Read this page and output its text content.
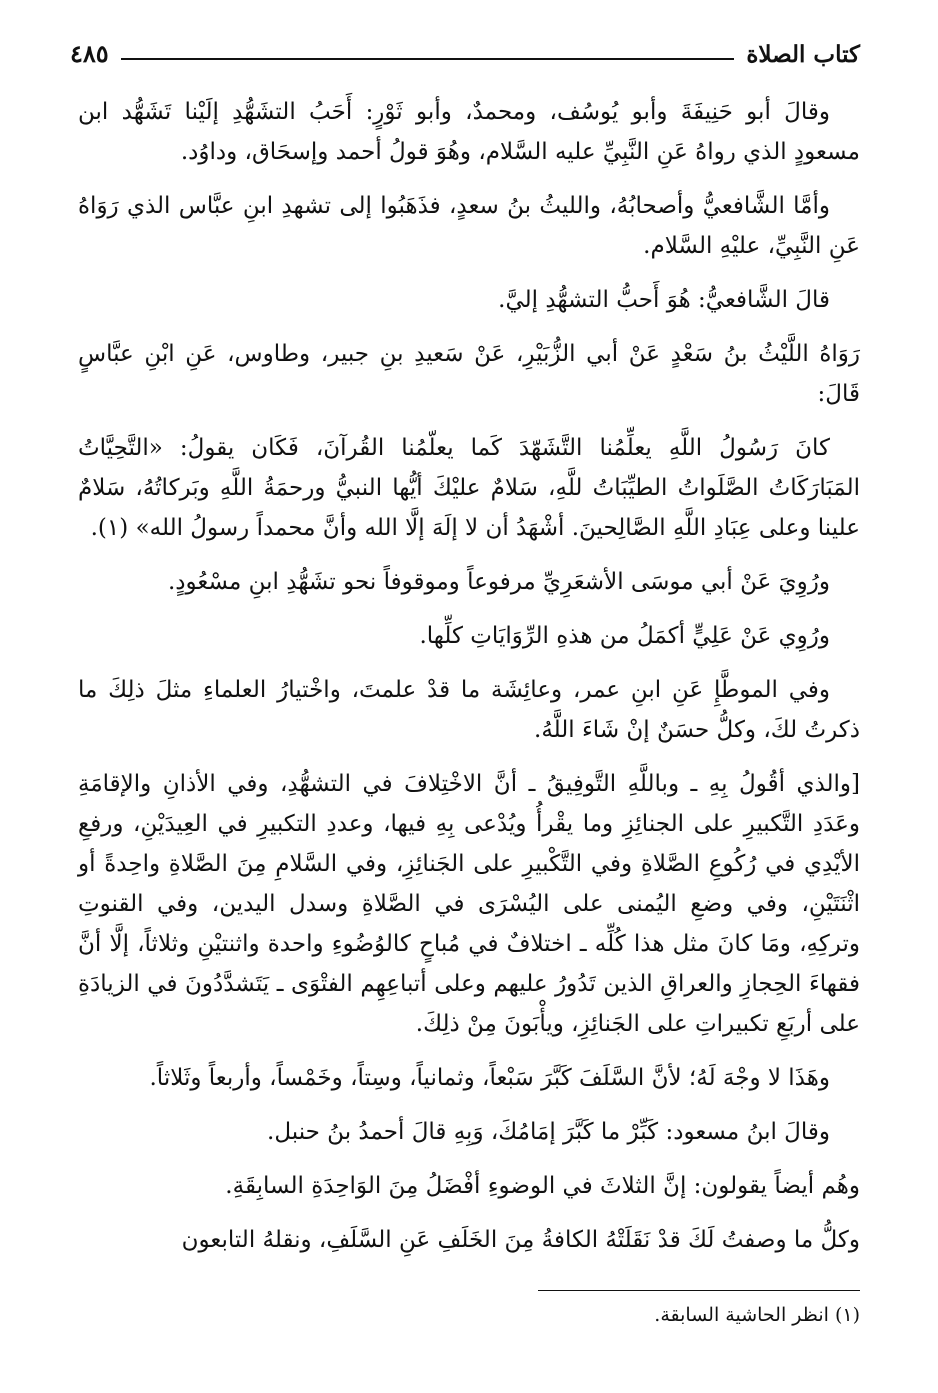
كتاب الصلاة
٤٨٥

وقالَ أبو حَنِيفَةَ وأبو يُوسُف، ومحمدٌ، وأبو ثَوْرٍ: أَحَبُ التشَهُّدِ إلَيْنا تَشَهُّد ابن مسعودٍ الذي رواهُ عَنِ النَّبِيِّ عليه السَّلام، وهُوَ قولُ أحمد وإسحَاق، وداوُد.

وأمَّا الشَّافعيُّ وأصحابُهُ، والليثُ بنُ سعدٍ، فذَهَبُوا إلى تشهدِ ابنِ عبَّاس الذي رَوَاهُ عَنِ النَّبِيِّ، عليْهِ السَّلام.

قالَ الشَّافعيُّ: هُوَ أَحبُّ التشهُّدِ إليَّ.

رَوَاهُ اللَّيْثُ بنُ سَعْدٍ عَنْ أبي الزُّبَيْرِ، عَنْ سَعيدِ بنِ جبير، وطاوس، عَنِ ابْنِ عبَّاسٍ قَالَ:

كانَ رَسُولُ اللَّهِ يعلِّمُنا التَّشَهّدَ كَما يعلّمُنا القُرآنَ، فَكَان يقولُ: «التَّحِيَّاتُ المَبَارَكَاتُ الصَّلَواتُ الطيِّبَاتُ للَّهِ، سَلامٌ عليْكَ أيُّها النبيُّ ورحمَةُ اللَّهِ وبَركاتُهُ، سَلامٌ علينا وعلى عِبَادِ اللَّهِ الصَّالِحينَ. أشْهَدُ أن لا إلَهَ إلَّا الله وأنَّ محمداً رسولُ الله» (١).

ورُوِيَ عَنْ أبي موسَى الأشعَرِيِّ مرفوعاً وموقوفاً نحو تشَهُّدِ ابنِ مسْعُودٍ.

ورُوِي عَنْ عَلِيٍّ أكمَلُ من هذهِ الرِّوَايَاتِ كلِّها.

وفي الموطَّإِ عَنِ ابنِ عمر، وعائِشَة ما قدْ علمتَ، واخْتيارُ العلماءِ مثلَ ذلِكَ ما ذكرتُ لكَ، وكلُّ حسَنٌ إنْ شَاءَ اللَّهُ.

[والذي أقُولُ بِهِ ـ وباللَّهِ التَّوفِيقُ ـ أنَّ الاخْتِلافَ في التشهُّدِ، وفي الأذانِ والإقامَةِ وعَدَدِ التَّكبيرِ على الجنائِزِ وما يقْرأُ ويُدْعى بِهِ فيها، وعددِ التكبيرِ في العِيدَيْنِ، ورفعِ الأيْدِي في رُكُوعِ الصَّلاةِ وفي التَّكْبيرِ على الجَنائِزِ، وفي السَّلامِ مِنَ الصَّلاةِ واحِدةً أو اثْنَتَيْنِ، وفي وضعِ اليُمنى على اليُسْرَى في الصَّلاةِ وسدل اليدين، وفي القنوتِ وتركِهِ، ومَا كانَ مثل هذا كُلِّه ـ اختلافٌ في مُباحٍ كالوُضُوءِ واحدة واثنتيْنِ وثلاثاً، إلَّا أنَّ فقهاءَ الحِجازِ والعراقِ الذين تَدُورُ عليهم وعلى أتباعِهِم الفتْوَى ـ يَتَشدَّدُونَ في الزيادَةِ على أربَعِ تكبيراتِ على الجَنائِزِ، ويأْبَونَ مِنْ ذلِكَ.

وهَذَا لا وجْهَ لَهُ؛ لأنَّ السَّلَفَ كَبَّرَ سَبْعاً، وثمانياً، وسِتاً، وخَمْساً، وأربعاً وثَلاثاً.

وقالَ ابنُ مسعود: كَبِّرْ ما كَبَّرَ إمَامُكَ، وَبِهِ قالَ أحمدُ بنُ حنبل.

وهُم أيضاً يقولون: إنَّ الثلاثَ في الوضوءِ أفْضَلُ مِنَ الوَاحِدَةِ السابِقَةِ.

وكلُّ ما وصفتُ لَكَ قدْ نَقَلَتْهُ الكافةُ مِنَ الخَلَفِ عَنِ السَّلَفِ، ونقلهُ التابعون

(١) انظر الحاشية السابقة.
